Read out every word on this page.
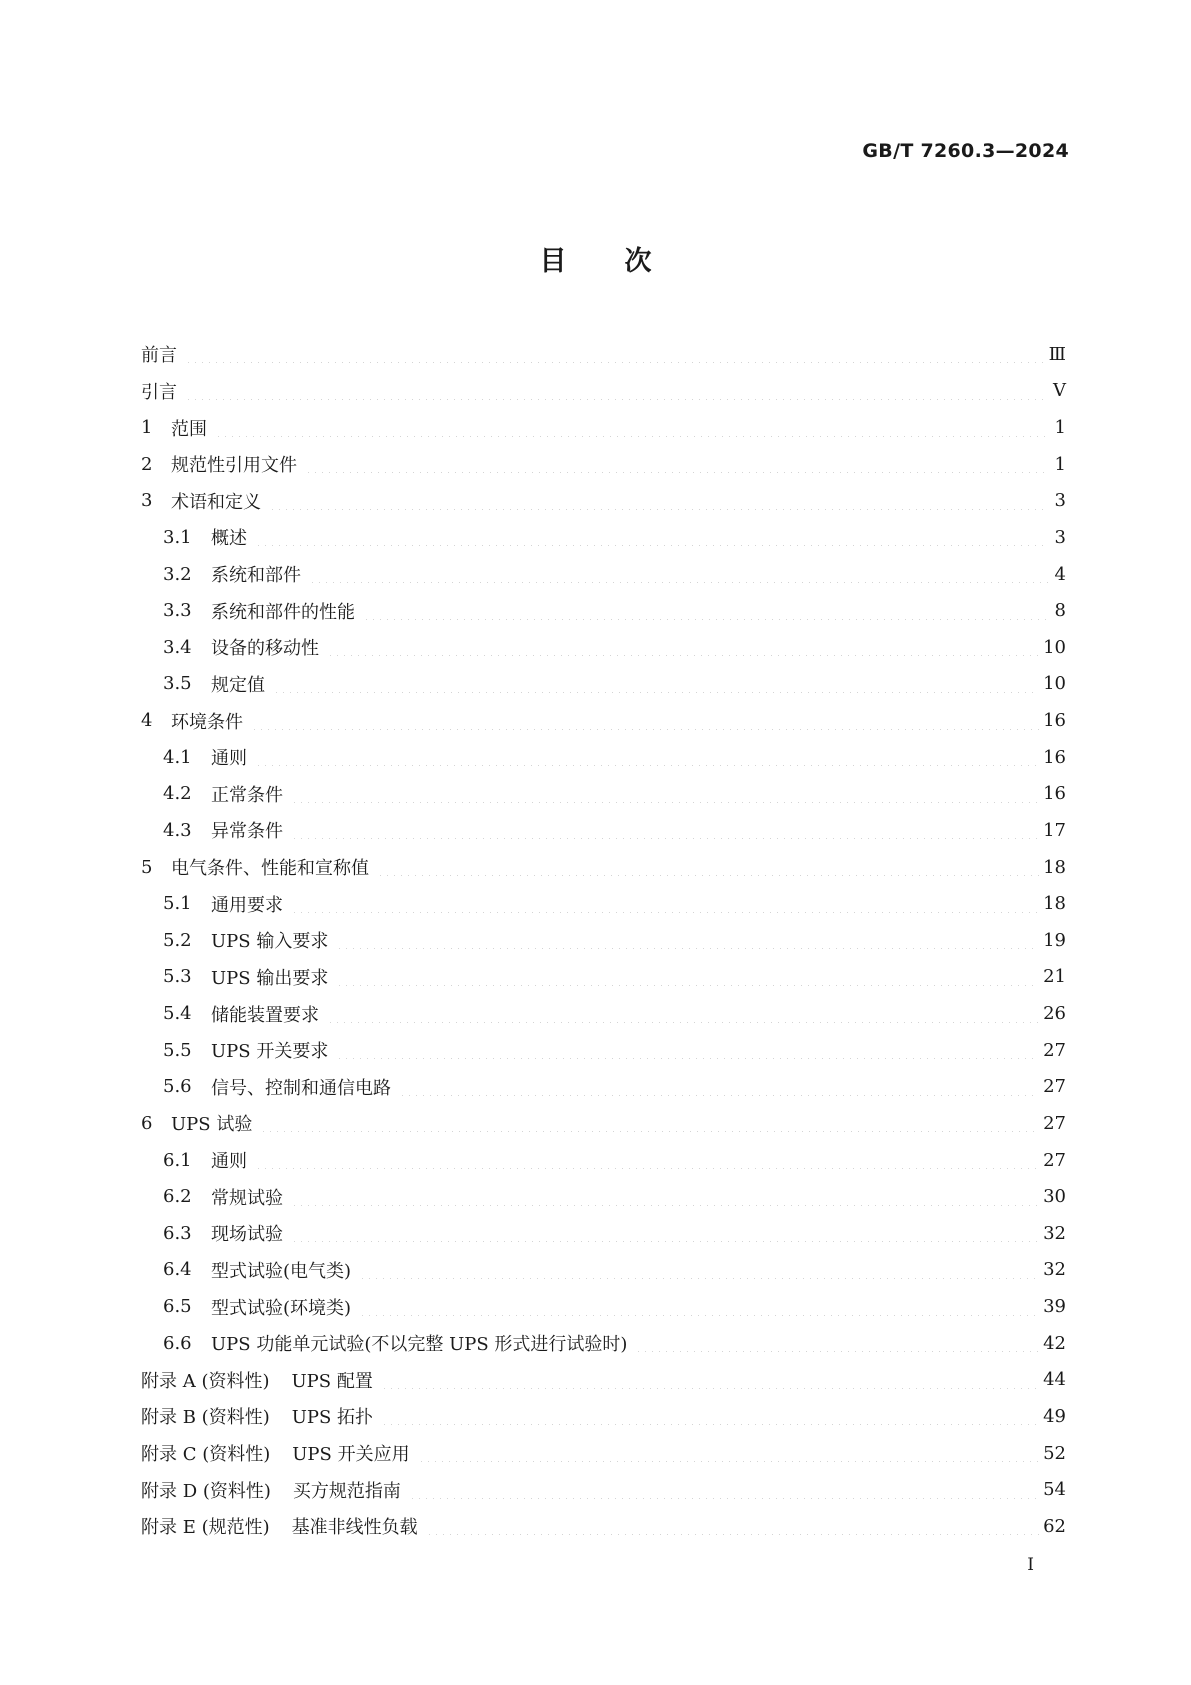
GB/T 7260.3—2024
目 次
前言	Ⅲ
引言	Ⅴ
1	范围	1
2	规范性引用文件	1
3	术语和定义	3
3.1	概述	3
3.2	系统和部件	4
3.3	系统和部件的性能	8
3.4	设备的移动性	10
3.5	规定值	10
4	环境条件	16
4.1	通则	16
4.2	正常条件	16
4.3	异常条件	17
5	电气条件、性能和宣称值	18
5.1	通用要求	18
5.2	UPS 输入要求	19
5.3	UPS 输出要求	21
5.4	储能装置要求	26
5.5	UPS 开关要求	27
5.6	信号、控制和通信电路	27
6	UPS 试验	27
6.1	通则	27
6.2	常规试验	30
6.3	现场试验	32
6.4	型式试验(电气类)	32
6.5	型式试验(环境类)	39
6.6	UPS 功能单元试验(不以完整 UPS 形式进行试验时)	42
附录 A (资料性)	UPS 配置	44
附录 B (资料性)	UPS 拓扑	49
附录 C (资料性)	UPS 开关应用	52
附录 D (资料性)	买方规范指南	54
附录 E (规范性)	基准非线性负载	62
I
